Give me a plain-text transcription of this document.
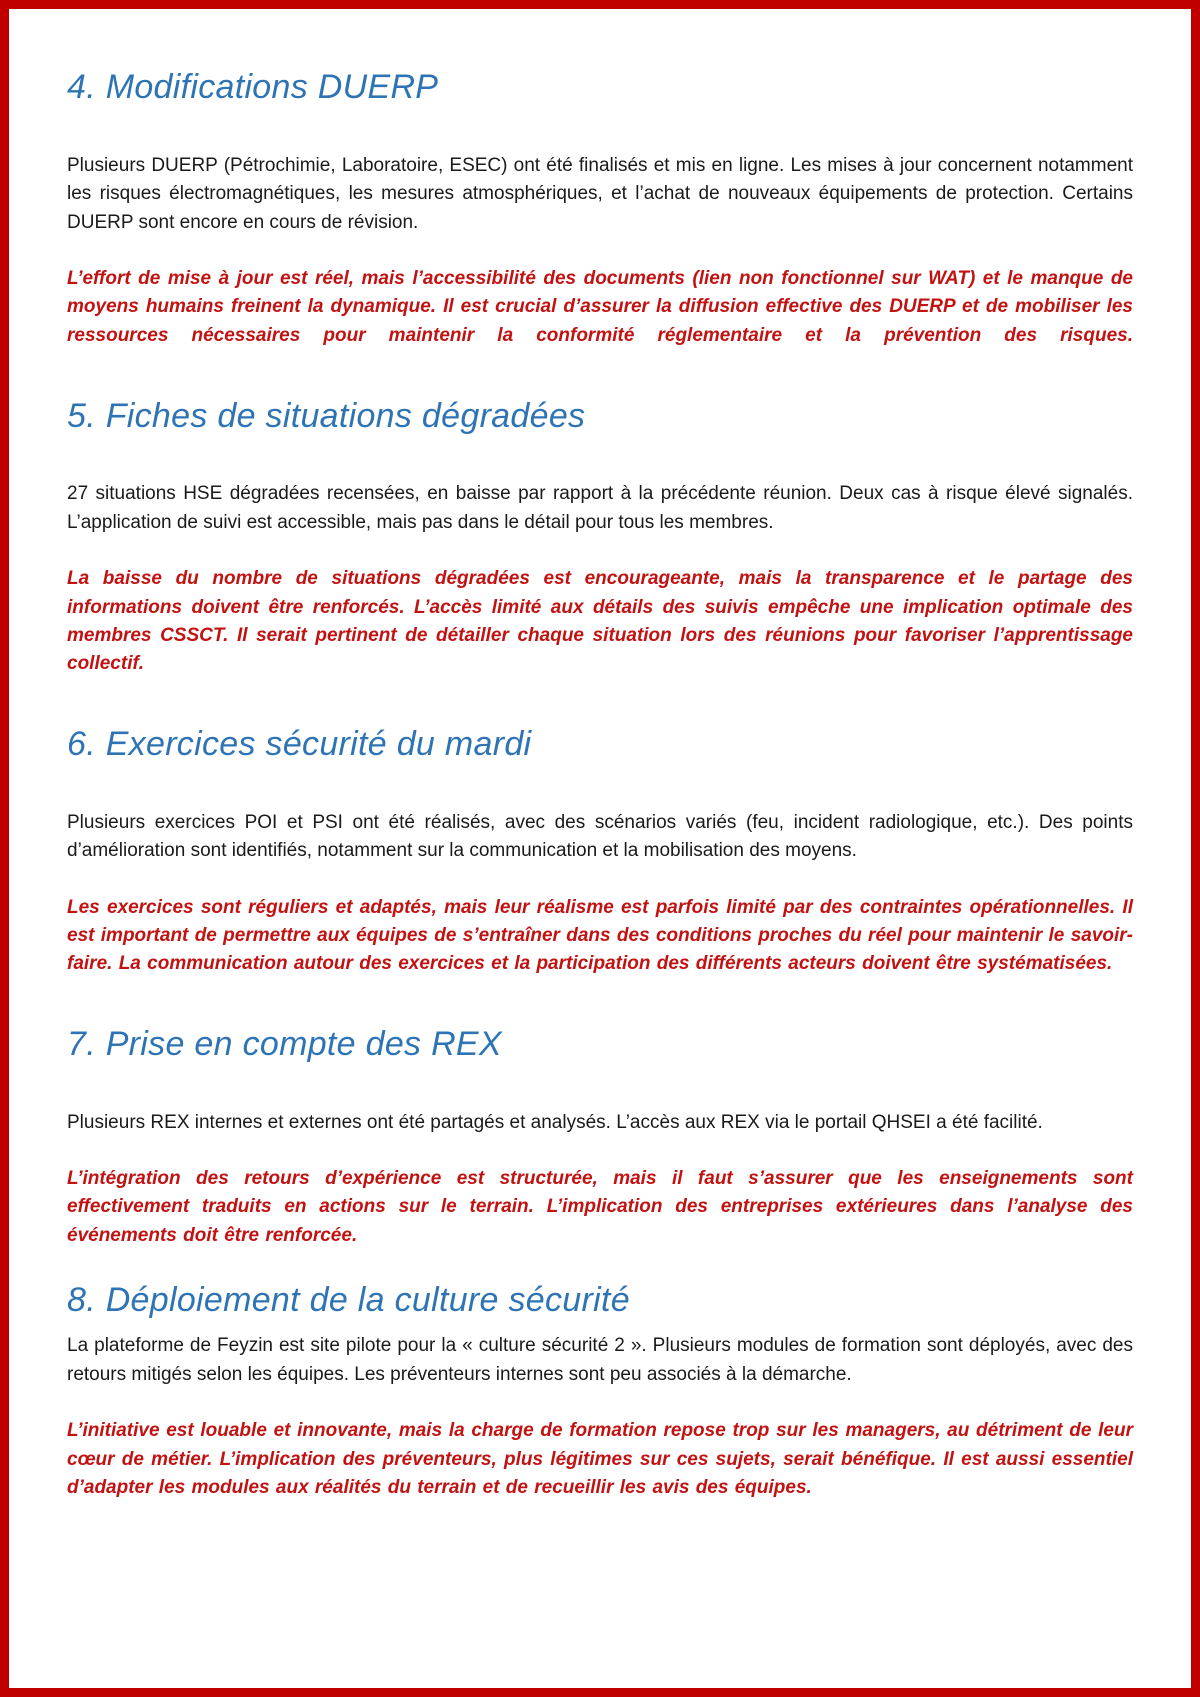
4. Modifications DUERP

Plusieurs DUERP (Pétrochimie, Laboratoire, ESEC) ont été finalisés et mis en ligne. Les mises à jour concernent notamment les risques électromagnétiques, les mesures atmosphériques, et l’achat de nouveaux équipements de protection. Certains DUERP sont encore en cours de révision.

L’effort de mise à jour est réel, mais l’accessibilité des documents (lien non fonctionnel sur WAT) et le manque de moyens humains freinent la dynamique. Il est crucial d’assurer la diffusion effective des DUERP et de mobiliser les ressources nécessaires pour maintenir la conformité réglementaire et la prévention des risques.

5. Fiches de situations dégradées

27 situations HSE dégradées recensées, en baisse par rapport à la précédente réunion. Deux cas à risque élevé signalés. L’application de suivi est accessible, mais pas dans le détail pour tous les membres.

La baisse du nombre de situations dégradées est encourageante, mais la transparence et le partage des informations doivent être renforcés. L’accès limité aux détails des suivis empêche une implication optimale des membres CSSCT. Il serait pertinent de détailler chaque situation lors des réunions pour favoriser l’apprentissage collectif.

6. Exercices sécurité du mardi

Plusieurs exercices POI et PSI ont été réalisés, avec des scénarios variés (feu, incident radiologique, etc.). Des points d’amélioration sont identifiés, notamment sur la communication et la mobilisation des moyens.

Les exercices sont réguliers et adaptés, mais leur réalisme est parfois limité par des contraintes opérationnelles. Il est important de permettre aux équipes de s’entraîner dans des conditions proches du réel pour maintenir le savoir-faire. La communication autour des exercices et la participation des différents acteurs doivent être systématisées.

7. Prise en compte des REX

Plusieurs REX internes et externes ont été partagés et analysés. L’accès aux REX via le portail QHSEI a été facilité.

L’intégration des retours d’expérience est structurée, mais il faut s’assurer que les enseignements sont effectivement traduits en actions sur le terrain. L’implication des entreprises extérieures dans l’analyse des événements doit être renforcée.

8. Déploiement de la culture sécurité

La plateforme de Feyzin est site pilote pour la « culture sécurité 2 ». Plusieurs modules de formation sont déployés, avec des retours mitigés selon les équipes. Les préventeurs internes sont peu associés à la démarche.

L’initiative est louable et innovante, mais la charge de formation repose trop sur les managers, au détriment de leur cœur de métier. L’implication des préventeurs, plus légitimes sur ces sujets, serait bénéfique. Il est aussi essentiel d’adapter les modules aux réalités du terrain et de recueillir les avis des équipes.
